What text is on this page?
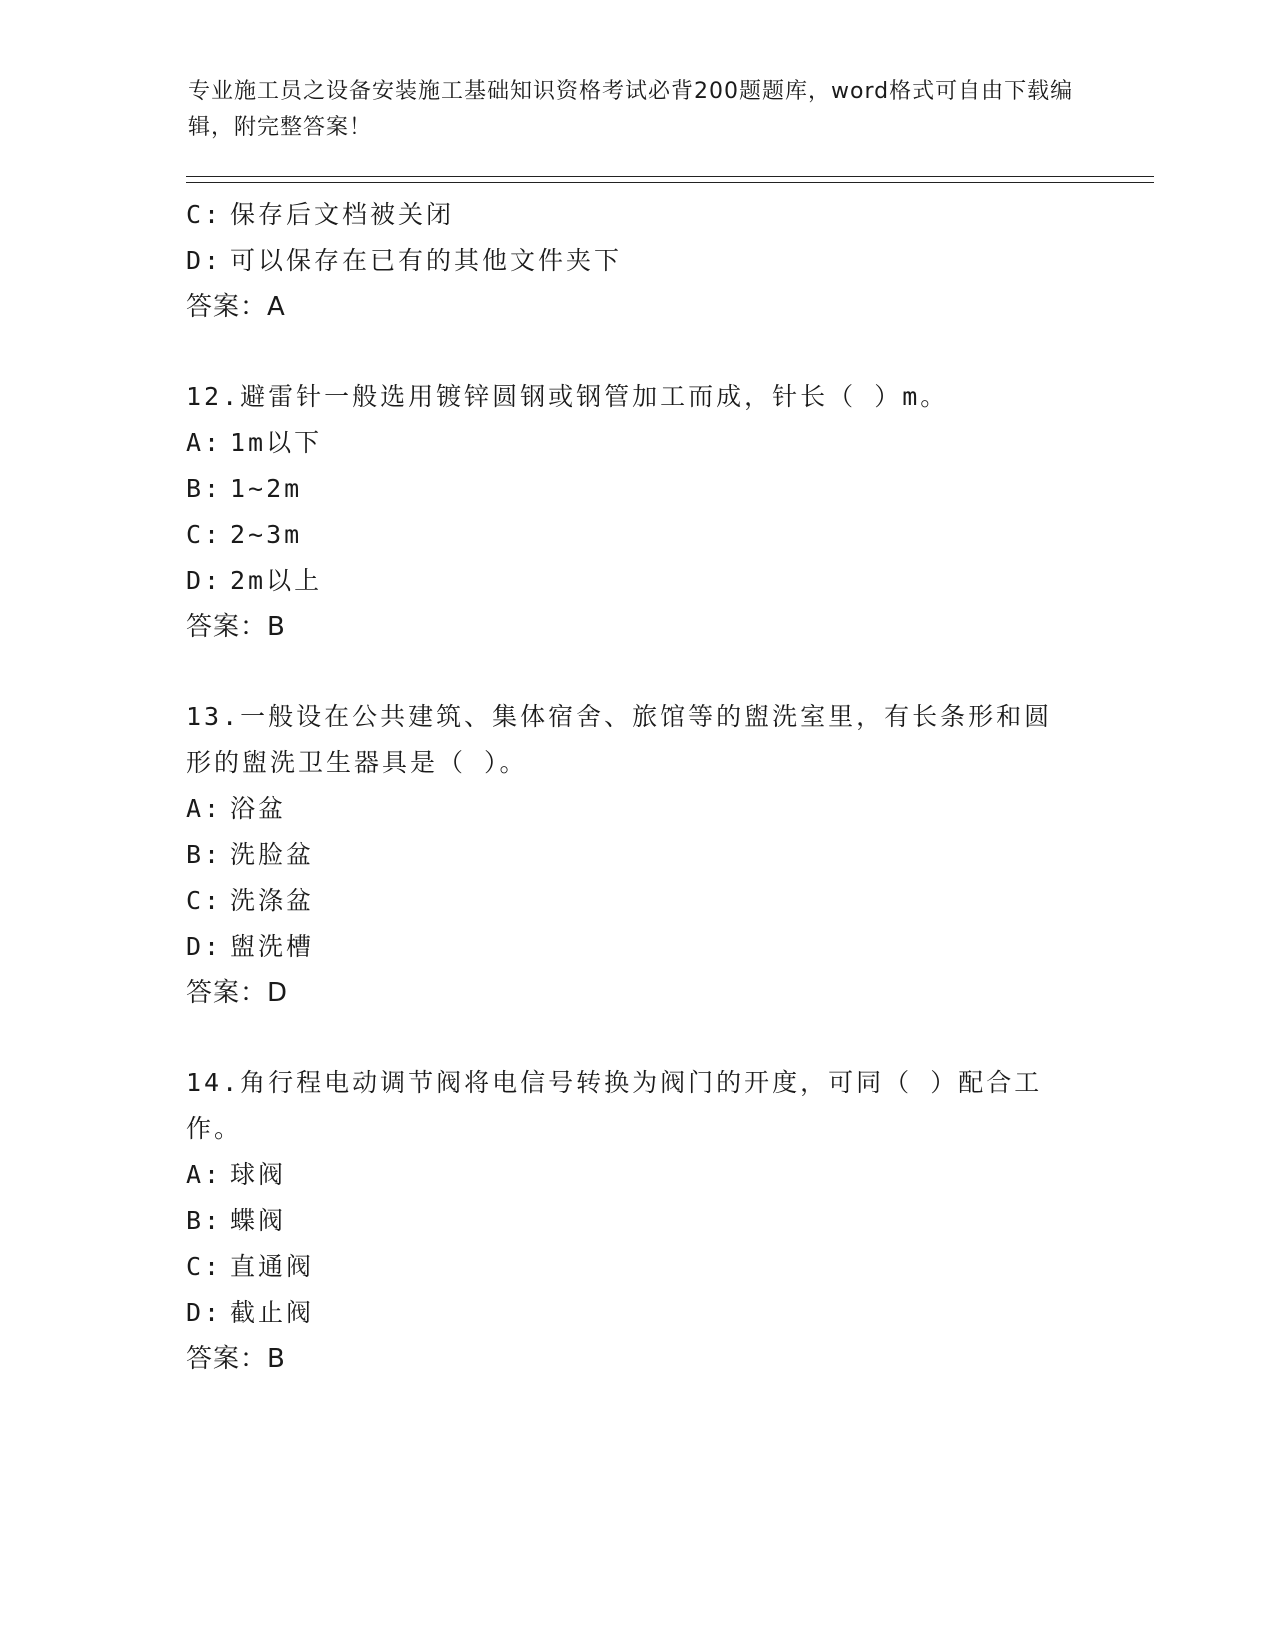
专业施工员之设备安装施工基础知识资格考试必背200题题库，word格式可自由下载编辑，附完整答案！
C: 保存后文档被关闭
D: 可以保存在已有的其他文件夹下
答案：A
12.避雷针一般选用镀锌圆钢或钢管加工而成，针长（ ）m。
A: 1m以下
B: 1~2m
C: 2~3m
D: 2m以上
答案：B
13.一般设在公共建筑、集体宿舍、旅馆等的盥洗室里，有长条形和圆形的盥洗卫生器具是（ ）。
A: 浴盆
B: 洗脸盆
C: 洗涤盆
D: 盥洗槽
答案：D
14.角行程电动调节阀将电信号转换为阀门的开度，可同（ ）配合工作。
A: 球阀
B: 蝶阀
C: 直通阀
D: 截止阀
答案：B
